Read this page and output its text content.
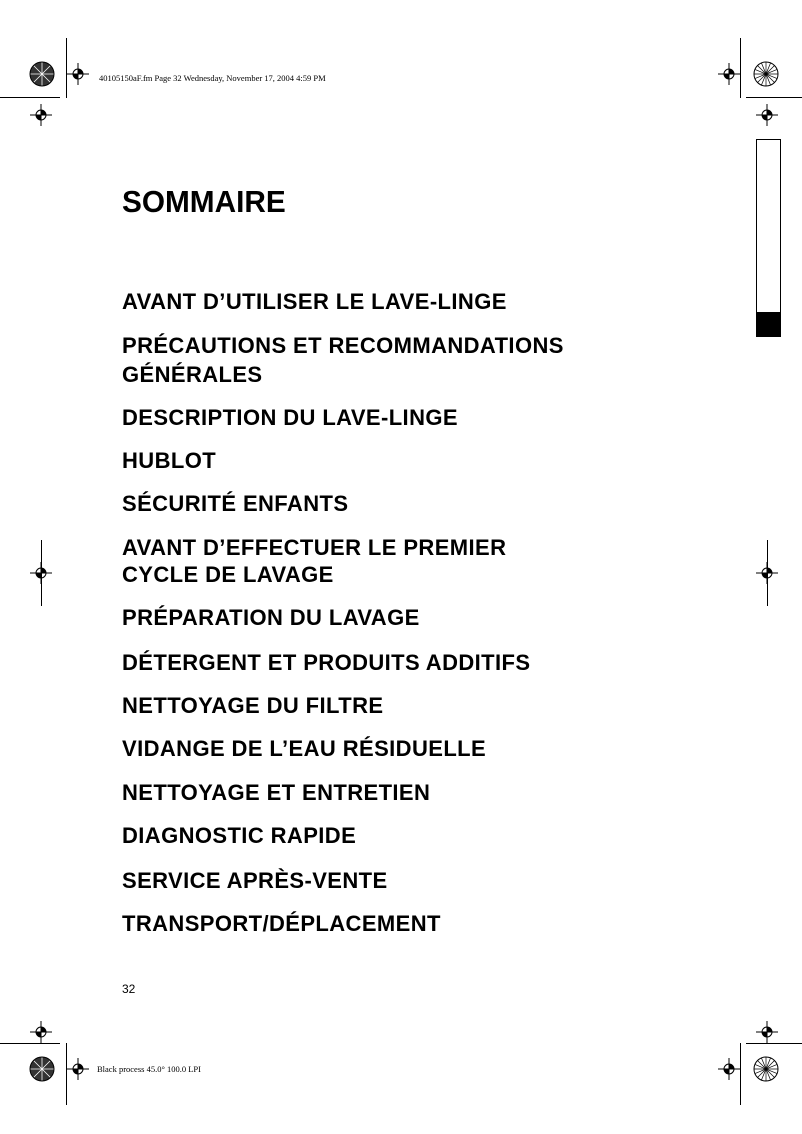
40105150aF.fm Page 32 Wednesday, November 17, 2004 4:59 PM
Black process 45.0° 100.0 LPI
SOMMAIRE
AVANT D’UTILISER LE LAVE-LINGE
PRÉCAUTIONS ET RECOMMANDATIONS
GÉNÉRALES
DESCRIPTION DU LAVE-LINGE
HUBLOT
SÉCURITÉ ENFANTS
AVANT D’EFFECTUER LE PREMIER
CYCLE DE LAVAGE
PRÉPARATION DU LAVAGE
DÉTERGENT ET PRODUITS ADDITIFS
NETTOYAGE DU FILTRE
VIDANGE DE L’EAU RÉSIDUELLE
NETTOYAGE ET ENTRETIEN
DIAGNOSTIC RAPIDE
SERVICE APRÈS-VENTE
TRANSPORT/DÉPLACEMENT
32
